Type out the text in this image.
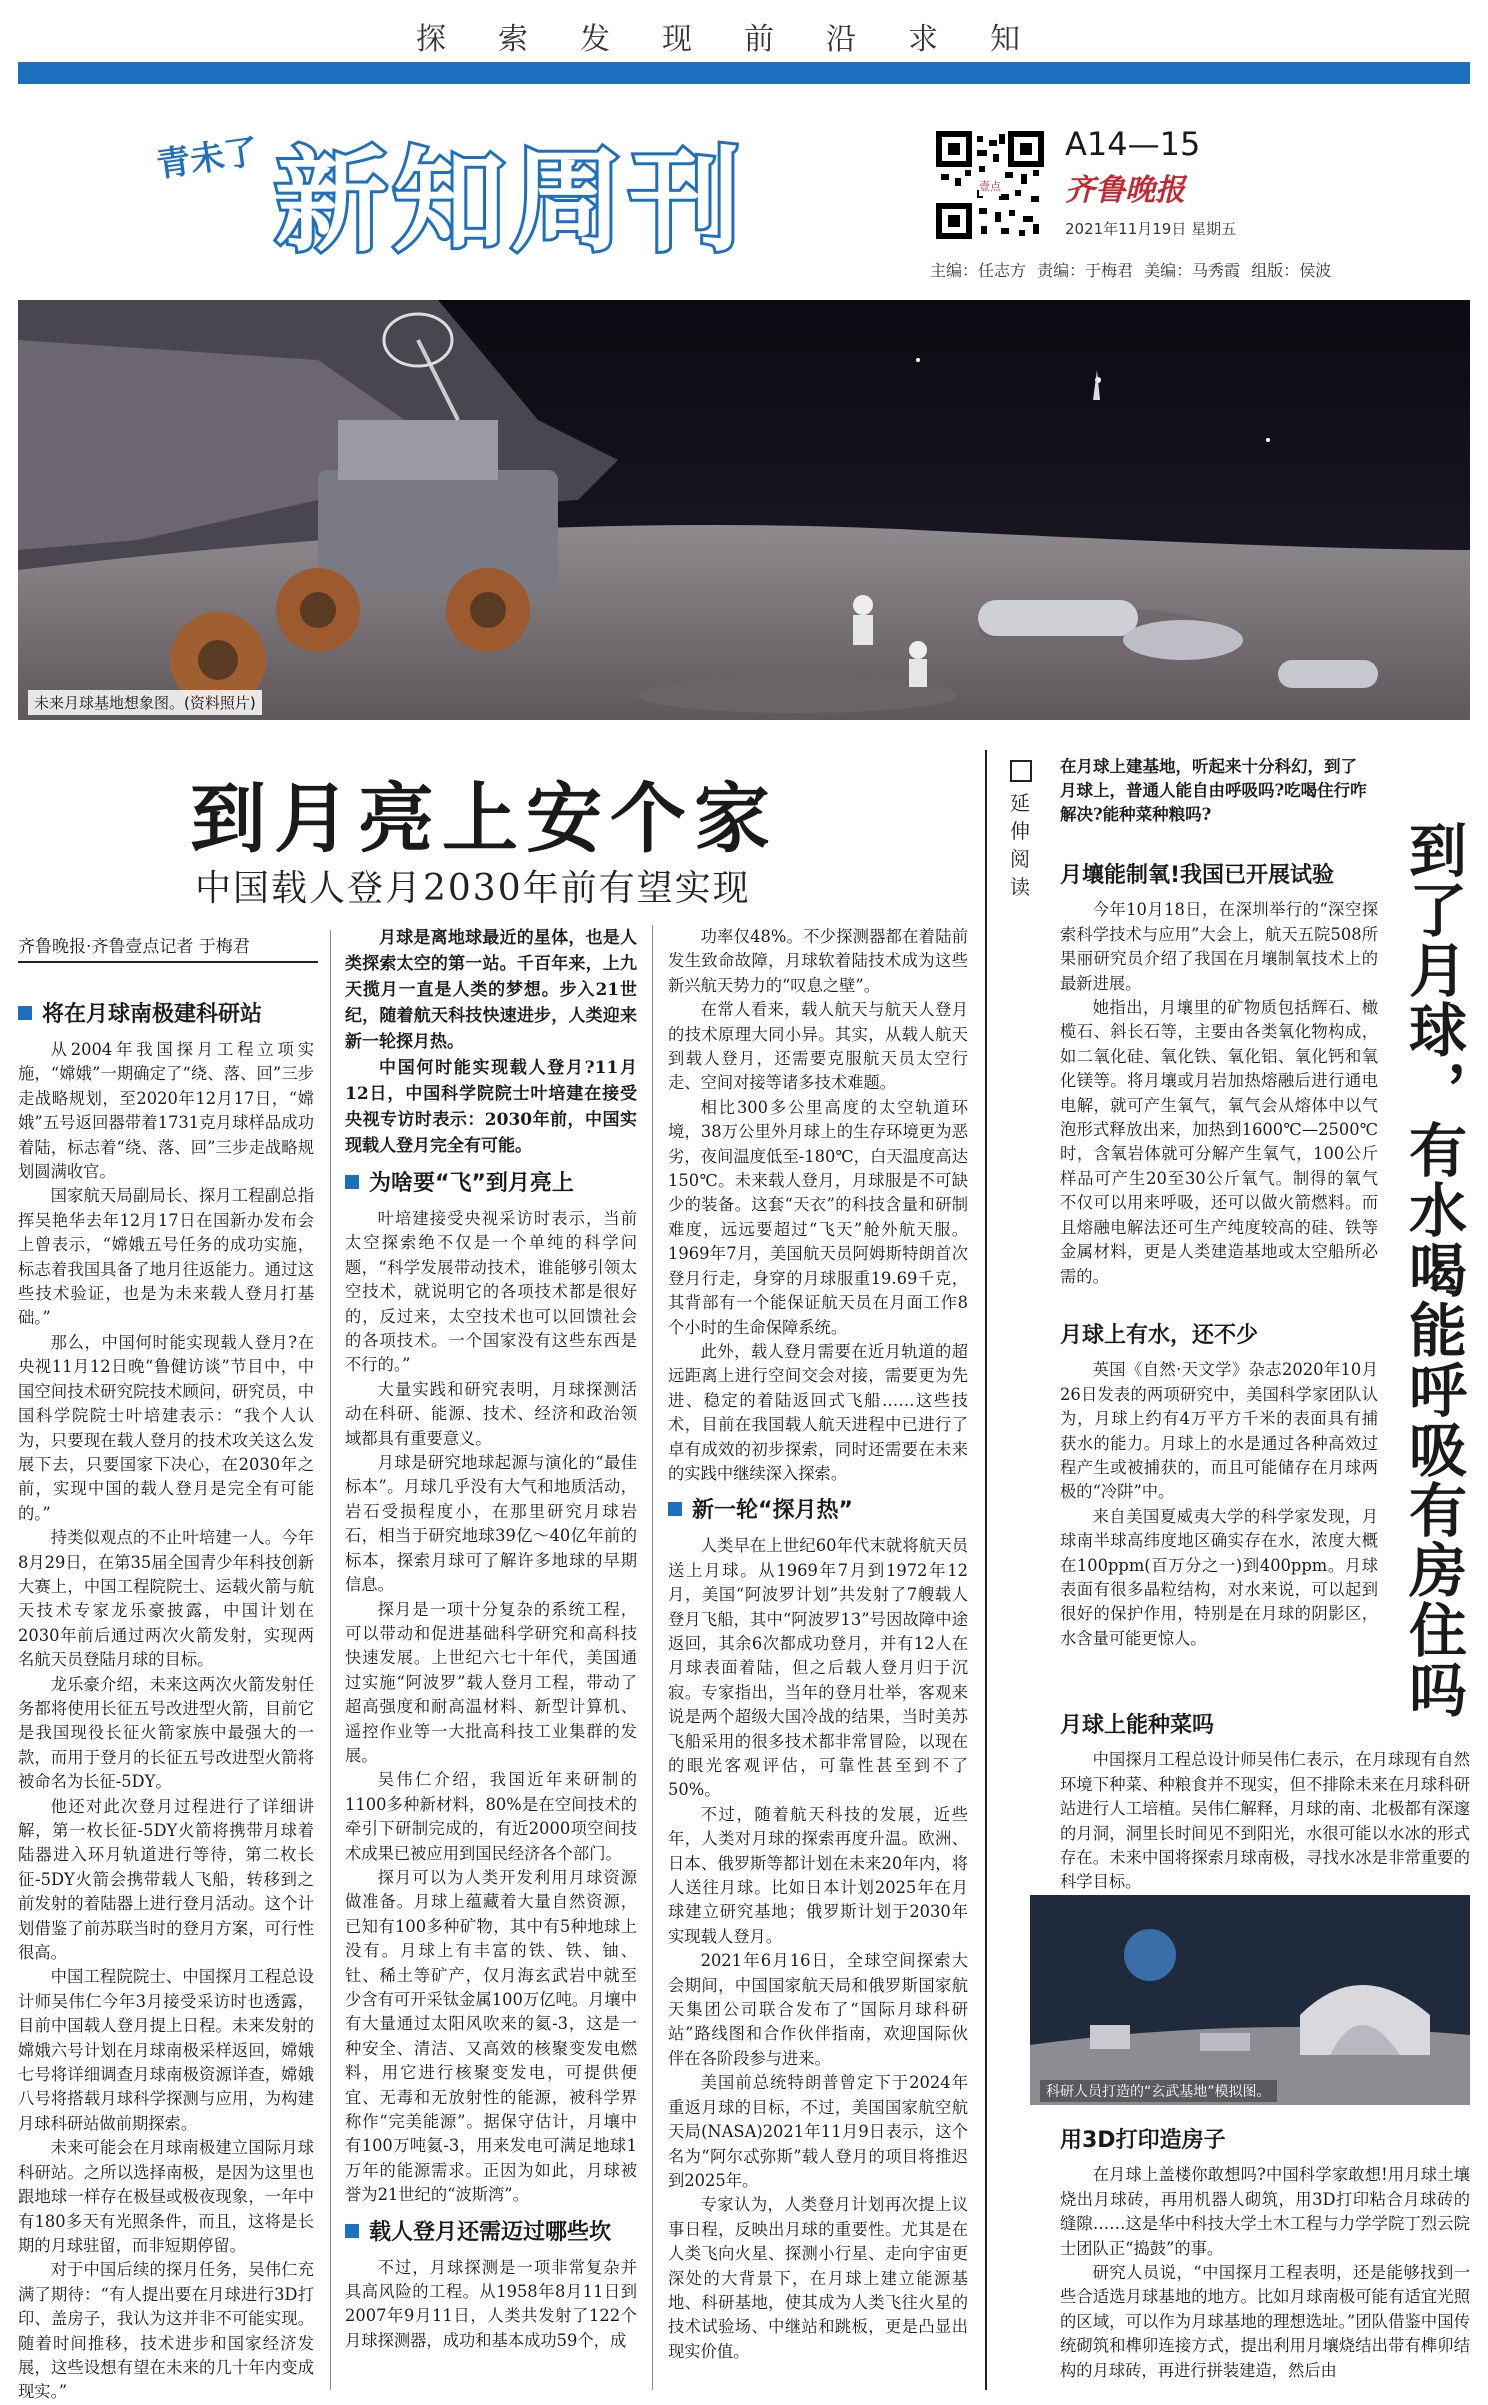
探索发现前沿求知
青未了 新知周刊	壹点
A14—15
齐鲁晚报
2021年11月19日 星期五
主编：任志方 责编：于梅君 美编：马秀霞 组版：侯波
未来月球基地想象图。(资料照片)
到月亮上安个家
中国载人登月2030年前有望实现
齐鲁晚报·齐鲁壹点记者 于梅君
将在月球南极建科研站

从2004年我国探月工程立项实施，“嫦娥”一期确定了“绕、落、回”三步走战略规划，至2020年12月17日，“嫦娥”五号返回器带着1731克月球样品成功着陆，标志着“绕、落、回”三步走战略规划圆满收官。

国家航天局副局长、探月工程副总指挥吴艳华去年12月17日在国新办发布会上曾表示，“嫦娥五号任务的成功实施，标志着我国具备了地月往返能力。通过这些技术验证，也是为未来载人登月打基础。”

那么，中国何时能实现载人登月?在央视11月12日晚“鲁健访谈”节目中，中国空间技术研究院技术顾问，研究员，中国科学院院士叶培建表示：“我个人认为，只要现在载人登月的技术攻关这么发展下去，只要国家下决心，在2030年之前，实现中国的载人登月是完全有可能的。”

持类似观点的不止叶培建一人。今年8月29日，在第35届全国青少年科技创新大赛上，中国工程院院士、运载火箭与航天技术专家龙乐豪披露，中国计划在2030年前后通过两次火箭发射，实现两名航天员登陆月球的目标。

龙乐豪介绍，未来这两次火箭发射任务都将使用长征五号改进型火箭，目前它是我国现役长征火箭家族中最强大的一款，而用于登月的长征五号改进型火箭将被命名为长征-5DY。

他还对此次登月过程进行了详细讲解，第一枚长征-5DY火箭将携带月球着陆器进入环月轨道进行等待，第二枚长征-5DY火箭会携带载人飞船，转移到之前发射的着陆器上进行登月活动。这个计划借鉴了前苏联当时的登月方案，可行性很高。

中国工程院院士、中国探月工程总设计师吴伟仁今年3月接受采访时也透露，目前中国载人登月提上日程。未来发射的嫦娥六号计划在月球南极采样返回，嫦娥七号将详细调查月球南极资源详查，嫦娥八号将搭载月球科学探测与应用，为构建月球科研站做前期探索。

未来可能会在月球南极建立国际月球科研站。之所以选择南极，是因为这里也跟地球一样存在极昼或极夜现象，一年中有180多天有光照条件，而且，这将是长期的月球驻留，而非短期停留。

对于中国后续的探月任务，吴伟仁充满了期待：“有人提出要在月球进行3D打印、盖房子，我认为这并非不可能实现。随着时间推移，技术进步和国家经济发展，这些设想有望在未来的几十年内变成现实。”

月球是离地球最近的星体，也是人类探索太空的第一站。千百年来，上九天揽月一直是人类的梦想。步入21世纪，随着航天科技快速进步，人类迎来新一轮探月热。

中国何时能实现载人登月?11月12日，中国科学院院士叶培建在接受央视专访时表示：2030年前，中国实现载人登月完全有可能。

为啥要“飞”到月亮上

叶培建接受央视采访时表示，当前太空探索绝不仅是一个单纯的科学问题，“科学发展带动技术，谁能够引领太空技术，就说明它的各项技术都是很好的，反过来，太空技术也可以回馈社会的各项技术。一个国家没有这些东西是不行的。”

大量实践和研究表明，月球探测活动在科研、能源、技术、经济和政治领域都具有重要意义。

月球是研究地球起源与演化的“最佳标本”。月球几乎没有大气和地质活动，岩石受损程度小，在那里研究月球岩石，相当于研究地球39亿～40亿年前的标本，探索月球可了解许多地球的早期信息。

探月是一项十分复杂的系统工程，可以带动和促进基础科学研究和高科技快速发展。上世纪六七十年代，美国通过实施“阿波罗”载人登月工程，带动了超高强度和耐高温材料、新型计算机、遥控作业等一大批高科技工业集群的发展。

吴伟仁介绍，我国近年来研制的1100多种新材料，80%是在空间技术的牵引下研制完成的，有近2000项空间技术成果已被应用到国民经济各个部门。

探月可以为人类开发利用月球资源做准备。月球上蕴藏着大量自然资源，已知有100多种矿物，其中有5种地球上没有。月球上有丰富的铁、铁、铀、钍、稀土等矿产，仅月海玄武岩中就至少含有可开采钛金属100万亿吨。月壤中有大量通过太阳风吹来的氦-3，这是一种安全、清洁、又高效的核聚变发电燃料，用它进行核聚变发电，可提供便宜、无毒和无放射性的能源，被科学界称作“完美能源”。据保守估计，月壤中有100万吨氦-3，用来发电可满足地球1万年的能源需求。正因为如此，月球被誉为21世纪的“波斯湾”。

载人登月还需迈过哪些坎

不过，月球探测是一项非常复杂并具高风险的工程。从1958年8月11日到2007年9月11日，人类共发射了122个月球探测器，成功和基本成功59个，成

功率仅48%。不少探测器都在着陆前发生致命故障，月球软着陆技术成为这些新兴航天势力的“叹息之壁”。

在常人看来，载人航天与航天人登月的技术原理大同小异。其实，从载人航天到载人登月，还需要克服航天员太空行走、空间对接等诸多技术难题。

相比300多公里高度的太空轨道环境，38万公里外月球上的生存环境更为恶劣，夜间温度低至-180℃，白天温度高达150℃。未来载人登月，月球服是不可缺少的装备。这套“天衣”的科技含量和研制难度，远远要超过“飞天”舱外航天服。1969年7月，美国航天员阿姆斯特朗首次登月行走，身穿的月球服重19.69千克，其背部有一个能保证航天员在月面工作8个小时的生命保障系统。

此外，载人登月需要在近月轨道的超远距离上进行空间交会对接，需要更为先进、稳定的着陆返回式飞船……这些技术，目前在我国载人航天进程中已进行了卓有成效的初步探索，同时还需要在未来的实践中继续深入探索。

新一轮“探月热”

人类早在上世纪60年代末就将航天员送上月球。从1969年7月到1972年12月，美国“阿波罗计划”共发射了7艘载人登月飞船，其中“阿波罗13”号因故障中途返回，其余6次都成功登月，并有12人在月球表面着陆，但之后载人登月归于沉寂。专家指出，当年的登月壮举，客观来说是两个超级大国冷战的结果，当时美苏飞船采用的很多技术都非常冒险，以现在的眼光客观评估，可靠性甚至到不了50%。

不过，随着航天科技的发展，近些年，人类对月球的探索再度升温。欧洲、日本、俄罗斯等都计划在未来20年内，将人送往月球。比如日本计划2025年在月球建立研究基地；俄罗斯计划于2030年实现载人登月。

2021年6月16日，全球空间探索大会期间，中国国家航天局和俄罗斯国家航天集团公司联合发布了“国际月球科研站”路线图和合作伙伴指南，欢迎国际伙伴在各阶段参与进来。

美国前总统特朗普曾定下于2024年重返月球的目标，不过，美国国家航空航天局(NASA)2021年11月9日表示，这个名为“阿尔忒弥斯”载人登月的项目将推迟到2025年。

专家认为，人类登月计划再次提上议事日程，反映出月球的重要性。尤其是在人类飞向火星、探测小行星、走向宇宙更深处的大背景下，在月球上建立能源基地、科研基地，使其成为人类飞往火星的技术试验场、中继站和跳板，更是凸显出现实价值。

延伸阅读
在月球上建基地，听起来十分科幻，到了月球上，普通人能自由呼吸吗?吃喝住行咋解决?能种菜种粮吗?
到了月球，有水喝能呼吸有房住吗
月壤能制氧!我国已开展试验

今年10月18日，在深圳举行的“深空探索科学技术与应用”大会上，航天五院508所果丽研究员介绍了我国在月壤制氧技术上的最新进展。

她指出，月壤里的矿物质包括辉石、橄榄石、斜长石等，主要由各类氧化物构成，如二氧化硅、氧化铁、氧化铝、氧化钙和氧化镁等。将月壤或月岩加热熔融后进行通电电解，就可产生氧气，氧气会从熔体中以气泡形式释放出来，加热到1600℃—2500℃时，含氧岩体就可分解产生氧气，100公斤样品可产生20至30公斤氧气。制得的氧气不仅可以用来呼吸，还可以做火箭燃料。而且熔融电解法还可生产纯度较高的硅、铁等金属材料，更是人类建造基地或太空船所必需的。

月球上有水，还不少

英国《自然·天文学》杂志2020年10月26日发表的两项研究中，美国科学家团队认为，月球上约有4万平方千米的表面具有捕获水的能力。月球上的水是通过各种高效过程产生或被捕获的，而且可能储存在月球两极的“冷阱”中。

来自美国夏威夷大学的科学家发现，月球南半球高纬度地区确实存在水，浓度大概在100ppm(百万分之一)到400ppm。月球表面有很多晶粒结构，对水来说，可以起到很好的保护作用，特别是在月球的阴影区，水含量可能更惊人。

月球上能种菜吗

中国探月工程总设计师吴伟仁表示，在月球现有自然环境下种菜、种粮食并不现实，但不排除未来在月球科研站进行人工培植。吴伟仁解释，月球的南、北极都有深邃的月洞，洞里长时间见不到阳光，水很可能以水冰的形式存在。未来中国将探索月球南极，寻找水冰是非常重要的科学目标。

科研人员打造的“玄武基地”模拟图。
用3D打印造房子

在月球上盖楼你敢想吗?中国科学家敢想!用月球土壤烧出月球砖，再用机器人砌筑，用3D打印粘合月球砖的缝隙……这是华中科技大学土木工程与力学学院丁烈云院士团队正“捣鼓”的事。

研究人员说，“中国探月工程表明，还是能够找到一些合适选月球基地的地方。比如月球南极可能有适宜光照的区域，可以作为月球基地的理想选址。”团队借鉴中国传统砌筑和榫卯连接方式，提出利用月壤烧结出带有榫卯结构的月球砖，再进行拼装建造，然后由
